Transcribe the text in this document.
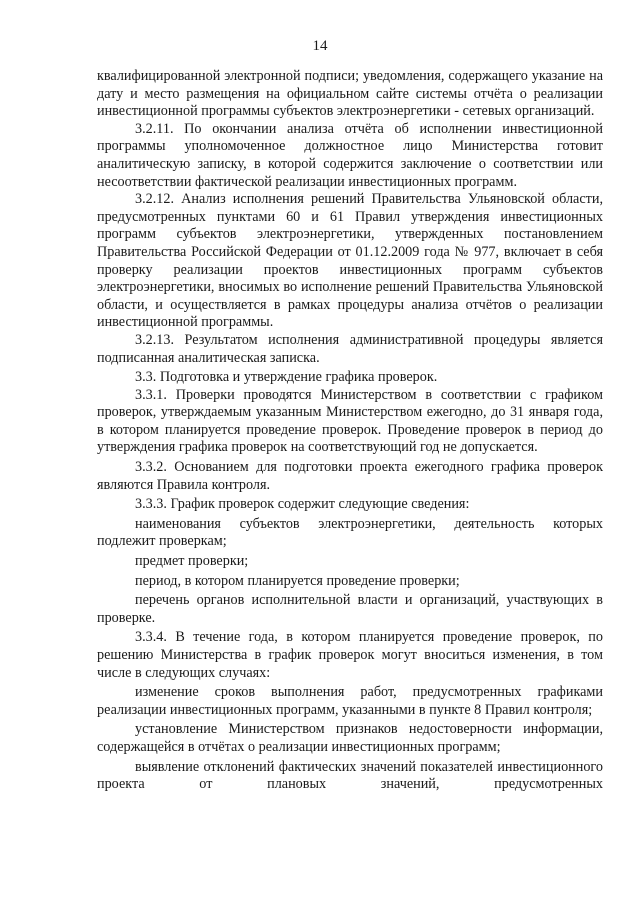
14

квалифицированной электронной подписи; уведомления, содержащего указание на дату и место размещения на официальном сайте системы отчёта о реализации инвестиционной программы субъектов электроэнергетики - сетевых организаций.

3.2.11. По окончании анализа отчёта об исполнении инвестиционной программы уполномоченное должностное лицо Министерства готовит аналитическую записку, в которой содержится заключение о соответствии или несоответствии фактической реализации инвестиционных программ.

3.2.12. Анализ исполнения решений Правительства Ульяновской области, предусмотренных пунктами 60 и 61 Правил утверждения инвестиционных программ субъектов электроэнергетики, утвержденных постановлением Правительства Российской Федерации от 01.12.2009 года № 977, включает в себя проверку реализации проектов инвестиционных программ субъектов электроэнергетики, вносимых во исполнение решений Правительства Ульяновской области, и осуществляется в рамках процедуры анализа отчётов о реализации инвестиционной программы.

3.2.13. Результатом исполнения административной процедуры является подписанная аналитическая записка.

3.3. Подготовка и утверждение графика проверок.

3.3.1. Проверки проводятся Министерством в соответствии с графиком проверок, утверждаемым указанным Министерством ежегодно, до 31 января года, в котором планируется проведение проверок. Проведение проверок в период до утверждения графика проверок на соответствующий год не допускается.

3.3.2. Основанием для подготовки проекта ежегодного графика проверок являются Правила контроля.

3.3.3. График проверок содержит следующие сведения:

наименования субъектов электроэнергетики, деятельность которых подлежит проверкам;

предмет проверки;

период, в котором планируется проведение проверки;

перечень органов исполнительной власти и организаций, участвующих в проверке.

3.3.4. В течение года, в котором планируется проведение проверок, по решению Министерства в график проверок могут вноситься изменения, в том числе в следующих случаях:

изменение сроков выполнения работ, предусмотренных графиками реализации инвестиционных программ, указанными в пункте 8 Правил контроля;

установление Министерством признаков недостоверности информации, содержащейся в отчётах о реализации инвестиционных программ;

выявление отклонений фактических значений показателей инвестиционного проекта от плановых значений, предусмотренных
